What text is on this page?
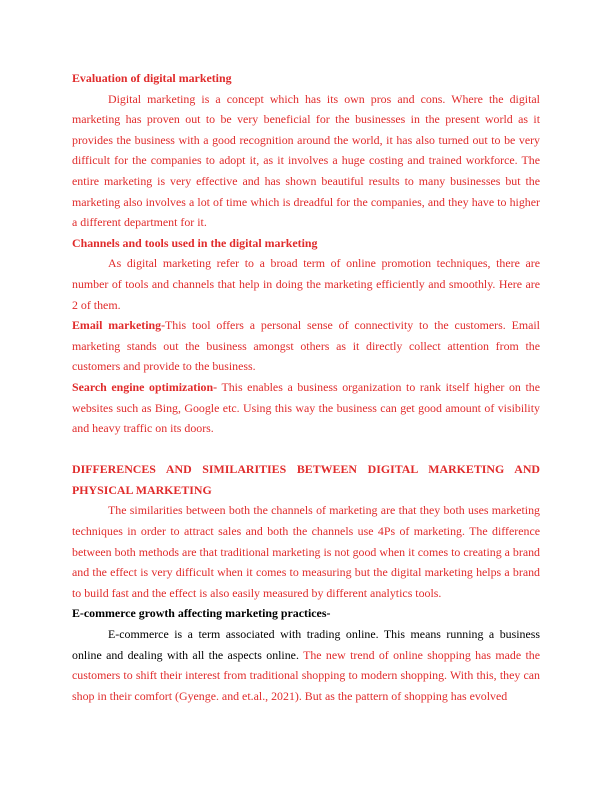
Evaluation of digital marketing

Digital marketing is a concept which has its own pros and cons. Where the digital marketing has proven out to be very beneficial for the businesses in the present world as it provides the business with a good recognition around the world, it has also turned out to be very difficult for the companies to adopt it, as it involves a huge costing and trained workforce. The entire marketing is very effective and has shown beautiful results to many businesses but the marketing also involves a lot of time which is dreadful for the companies, and they have to higher a different department for it.

Channels and tools used in the digital marketing

As digital marketing refer to a broad term of online promotion techniques, there are number of tools and channels that help in doing the marketing efficiently and smoothly. Here are 2 of them.

Email marketing-This tool offers a personal sense of connectivity to the customers. Email marketing stands out the business amongst others as it directly collect attention from the customers and provide to the business.

Search engine optimization- This enables a business organization to rank itself higher on the websites such as Bing, Google etc. Using this way the business can get good amount of visibility and heavy traffic on its doors.

DIFFERENCES AND SIMILARITIES BETWEEN DIGITAL MARKETING AND PHYSICAL MARKETING

The similarities between both the channels of marketing are that they both uses marketing techniques in order to attract sales and both the channels use 4Ps of marketing. The difference between both methods are that traditional marketing is not good when it comes to creating a brand and the effect is very difficult when it comes to measuring but the digital marketing helps a brand to build fast and the effect is also easily measured by different analytics tools.

E-commerce growth affecting marketing practices-

E-commerce is a term associated with trading online. This means running a business online and dealing with all the aspects online. The new trend of online shopping has made the customers to shift their interest from traditional shopping to modern shopping. With this, they can shop in their comfort (Gyenge. and et.al., 2021). But as the pattern of shopping has evolved
